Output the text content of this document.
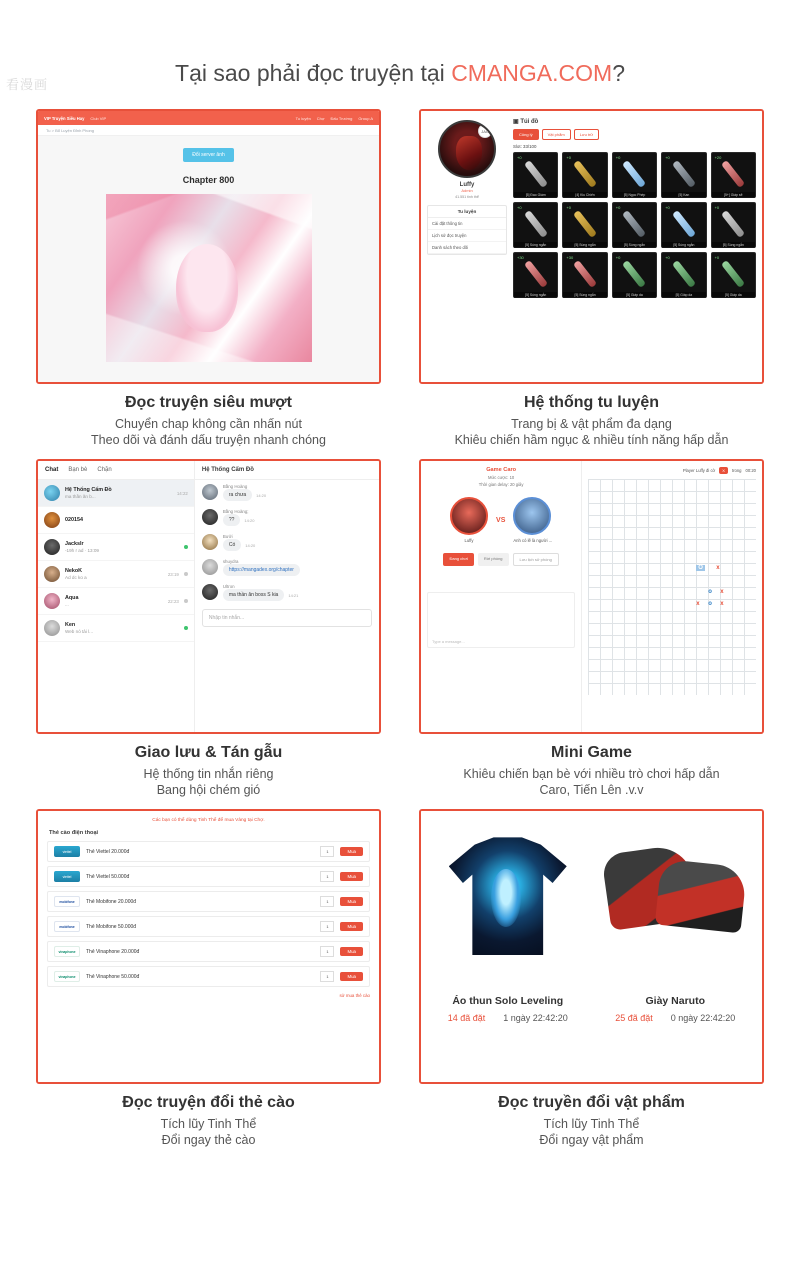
看漫画	Tại sao phải đọc truyện tại CMANGA.COM?
VIP Truyện Siêu Hay Club VIP	Tu luyện Chợ Đấu Trường Group A
Tu > Bổ Luyện Đỉnh Phong
Đổi server ảnh
Chapter 800
Đọc truyện siêu mượt

Chuyển chap không cần nhấn nút

Theo dõi và đánh dấu truyện nhanh chóng

JAC
Luffy
Admin
41.551 tinh thể
Tu luyện
Cài đặt thông tin
Lịch sử đọc truyện
Danh sách theo dõi
▣ Túi đồ
Công lý	Vật phẩm	Lưu trữ
Slot: 33/100
+0
[5] Đao Giám
+0
[4] Kiu Chiến
+0
[5] Ngọc Phép
+0
[5] Kan
+20
[5+] Giáp sẽ
+0
[5] Súng ngắn
+0
[5] Súng ngắn
+0
[5] Súng ngắn
+0
[5] Súng ngắn
+0
[5] Súng ngắn
+30
[5] Súng ngắn
+30
[5] Súng ngắn
+0
[5] Giáp da
+0
[5] Giáp da
+0
[5] Giáp da
Hệ thống tu luyện

Trang bị & vật phẩm đa dạng

Khiêu chiến hầm ngục & nhiều tính năng hấp dẫn

Chat Bạn bè Chặn
Hệ Thống Cấm Đồ
ma thần ăn b...
14:22
020154
Jackslr
-19h r ad · 13:09
NekoK
Ad dc ko a
23:19
Aqua
...
22:23
Ken
Web nó tải l...
Hệ Thống Cấm Đồ
Bằng Hoàng
ra chưa	14:20
Bằng Hoàng;
??	14:20
Bưởi
Có	14:20
shuydra
https://mangadex.org/chapter
Ultron
ma thần ăn boss S kia	14:21
Nhập tin nhắn...
Giao lưu & Tán gẫu

Hệ thống tin nhắn riêng

Bang hội chém gió

Game Caro
Mức cược: 10
Thời gian delay: 20 giây
Luffy
VS
Anh có lẽ là người ...
Đang chơi	Rời phòng	Lưu lịch sử phòng
Type a message...
Player Luffy đi cờ	X	trong 00:20
O	x
o x
x o x
Mini Game

Khiêu chiến bạn bè với nhiều trò chơi hấp dẫn

Caro, Tiến Lên .v.v

Các bạn có thể dùng Tinh Thể để mua Vàng tại Chợ.
Thẻ cào điện thoại
viettel	Thẻ Viettel 20.000đ	1	Mua
viettel	Thẻ Viettel 50.000đ	1	Mua
mobifone	Thẻ Mobifone 20.000đ	1	Mua
mobifone	Thẻ Mobifone 50.000đ	1	Mua
vinaphone	Thẻ Vinaphone 20.000đ	1	Mua
vinaphone	Thẻ Vinaphone 50.000đ	1	Mua
sử mua thẻ cào
Đọc truyện đổi thẻ cào

Tích lũy Tinh Thể

Đổi ngay thẻ cào

Áo thun Solo Leveling
14 đã đặt 1 ngày 22:42:20
Giày Naruto
25 đã đặt 0 ngày 22:42:20
Đọc truyền đổi vật phẩm

Tích lũy Tinh Thể

Đổi ngay vật phẩm
